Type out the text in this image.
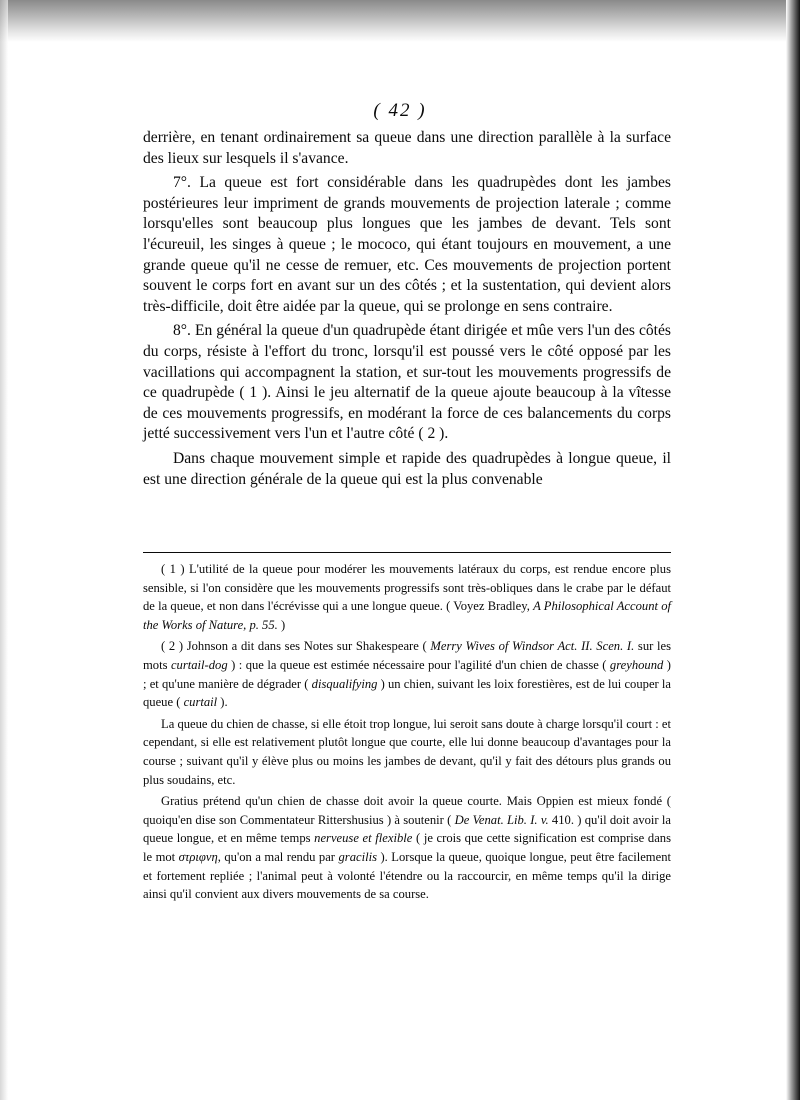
( 42 )

derrière, en tenant ordinairement sa queue dans une direction parallèle à la surface des lieux sur lesquels il s'avance.

7°. La queue est fort considérable dans les quadrupèdes dont les jambes postérieures leur impriment de grands mouvements de projection laterale ; comme lorsqu'elles sont beaucoup plus longues que les jambes de devant. Tels sont l'écureuil, les singes à queue ; le mococo, qui étant toujours en mouvement, a une grande queue qu'il ne cesse de remuer, etc. Ces mouvements de projection portent souvent le corps fort en avant sur un des côtés ; et la sustentation, qui devient alors très-difficile, doit être aidée par la queue, qui se prolonge en sens contraire.

8°. En général la queue d'un quadrupède étant dirigée et mûe vers l'un des côtés du corps, résiste à l'effort du tronc, lorsqu'il est poussé vers le côté opposé par les vacillations qui accompagnent la station, et sur-tout les mouvements progressifs de ce quadrupède ( 1 ). Ainsi le jeu alternatif de la queue ajoute beaucoup à la vîtesse de ces mouvements progressifs, en modérant la force de ces balancements du corps jetté successivement vers l'un et l'autre côté ( 2 ).

Dans chaque mouvement simple et rapide des quadrupèdes à longue queue, il est une direction générale de la queue qui est la plus convenable

( 1 ) L'utilité de la queue pour modérer les mouvements latéraux du corps, est rendue encore plus sensible, si l'on considère que les mouvements progressifs sont très-obliques dans le crabe par le défaut de la queue, et non dans l'écrévisse qui a une longue queue. ( Voyez Bradley, A Philosophical Account of the Works of Nature, p. 55. )

( 2 ) Johnson a dit dans ses Notes sur Shakespeare ( Merry Wives of Windsor Act. II. Scen. I. sur les mots curtail-dog ) : que la queue est estimée nécessaire pour l'agilité d'un chien de chasse ( greyhound ) ; et qu'une manière de dégrader ( disqualifying ) un chien, suivant les loix forestières, est de lui couper la queue ( curtail ).

La queue du chien de chasse, si elle étoit trop longue, lui seroit sans doute à charge lorsqu'il court : et cependant, si elle est relativement plutôt longue que courte, elle lui donne beaucoup d'avantages pour la course ; suivant qu'il y élève plus ou moins les jambes de devant, qu'il y fait des détours plus grands ou plus soudains, etc.

Gratius prétend qu'un chien de chasse doit avoir la queue courte. Mais Oppien est mieux fondé ( quoiqu'en dise son Commentateur Rittershusius ) à soutenir ( De Venat. Lib. I. v. 410. ) qu'il doit avoir la queue longue, et en même temps nerveuse et flexible ( je crois que cette signification est comprise dans le mot στριφνη, qu'on a mal rendu par gracilis ). Lorsque la queue, quoique longue, peut être facilement et fortement repliée ; l'animal peut à volonté l'étendre ou la raccourcir, en même temps qu'il la dirige ainsi qu'il convient aux divers mouvements de sa course.
